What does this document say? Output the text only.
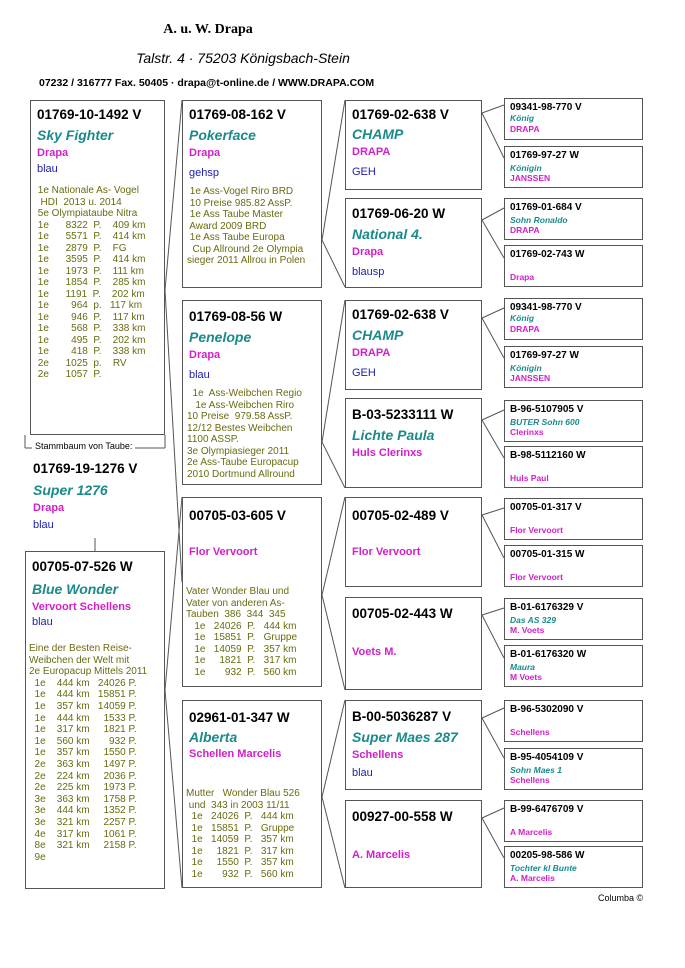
A. u. W. Drapa
Talstr. 4 · 75203 Königsbach-Stein
07232 / 316777 Fax. 50405 · drapa@t-online.de / WWW.DRAPA.COM
01769-10-1492 V
Sky Fighter
Drapa
blau
1e Nationale As- Vogel
HDI  2013 u. 2014
5e Olympiataube Nitra
1e      8322  P.    409 km
1e      5571  P.    414 km
1e      2879  P.    FG
1e      3595  P.    414 km
1e      1973  P.    111 km
1e      1854  P.    285 km
1e      1191  P.    202 km
1e        964  p.   117 km
1e        946  P.    117 km
1e        568  P.    338 km
1e        495  P.    202 km
1e        418  P.    338 km
2e      1025  p.    RV
2e      1057  P.
Stammbaum von Taube:
01769-19-1276 V
Super 1276
Drapa
blau
00705-07-526 W
Blue Wonder
Vervoort Schellens
blau
Eine der Besten Reise-
Weibchen der Welt mit
2e Europacup Mittels 2011
1e    444 km   24026 P.
1e    444 km   15851 P.
1e    357 km   14059 P.
1e    444 km     1533 P.
1e    317 km     1821 P.
1e    560 km       932 P.
1e    357 km     1550 P.
2e    363 km     1497 P.
2e    224 km     2036 P.
2e    225 km     1973 P.
3e    363 km     1758 P.
3e    444 km     1352 P.
3e    321 km     2257 P.
4e    317 km     1061 P.
8e    321 km     2158 P.
9e
01769-08-162 V
Pokerface
Drapa
gehsp
1e Ass-Vogel Riro BRD
10 Preise 985.82 AssP.
1e Ass Taube Master
Award 2009 BRD
1e Ass Taube Europa
Cup Allround 2e Olympia
sieger 2011 Allrou in Polen
01769-08-56 W
Penelope
Drapa
blau
1e  Ass-Weibchen Regio
1e Ass-Weibchen Riro
10 Preise  979.58 AssP.
12/12 Bestes Weibchen
1100 ASSP.
3e Olympiasieger 2011
2e Ass-Taube Europacup
2010 Dortmund Allround
00705-03-605 V
Flor Vervoort
Vater Wonder Blau und
Vater von anderen As-
Tauben  386  344  345
1e   24026  P.   444 km
1e   15851  P.   Gruppe
1e   14059  P.   357 km
1e     1821  P.   317 km
1e       932  P.   560 km
02961-01-347 W
Alberta
Schellen Marcelis
Mutter   Wonder Blau 526
und  343 in 2003 11/11
1e   24026  P.   444 km
1e   15851  P.   Gruppe
1e   14059  P.   357 km
1e     1821  P.   317 km
1e     1550  P.   357 km
1e       932  P.   560 km
01769-02-638 V
CHAMP
DRAPA
GEH
01769-06-20 W
National 4.
Drapa
blausp
01769-02-638 V
CHAMP
DRAPA
GEH
B-03-5233111 W
Lichte Paula
Huls Clerinxs
00705-02-489 V
Flor Vervoort
00705-02-443 W
Voets M.
B-00-5036287 V
Super Maes 287
Schellens
blau
00927-00-558 W
A. Marcelis
09341-98-770 V
König
DRAPA
01769-97-27 W
Königin
JANSSEN
01769-01-684 V
Sohn Ronaldo
DRAPA
01769-02-743 W
Drapa
09341-98-770 V
König
DRAPA
01769-97-27 W
Königin
JANSSEN
B-96-5107905 V
BUTER Sohn 600
Clerinxs
B-98-5112160 W
Huls Paul
00705-01-317 V
Flor Vervoort
00705-01-315 W
Flor Vervoort
B-01-6176329 V
Das AS 329
M. Voets
B-01-6176320 W
Maura
M Voets
B-96-5302090 V
Schellens
B-95-4054109 V
Sohn Maes 1
Schellens
B-99-6476709 V
A Marcelis
00205-98-586 W
Tochter kl Bunte
A. Marcelis
Columba ©
